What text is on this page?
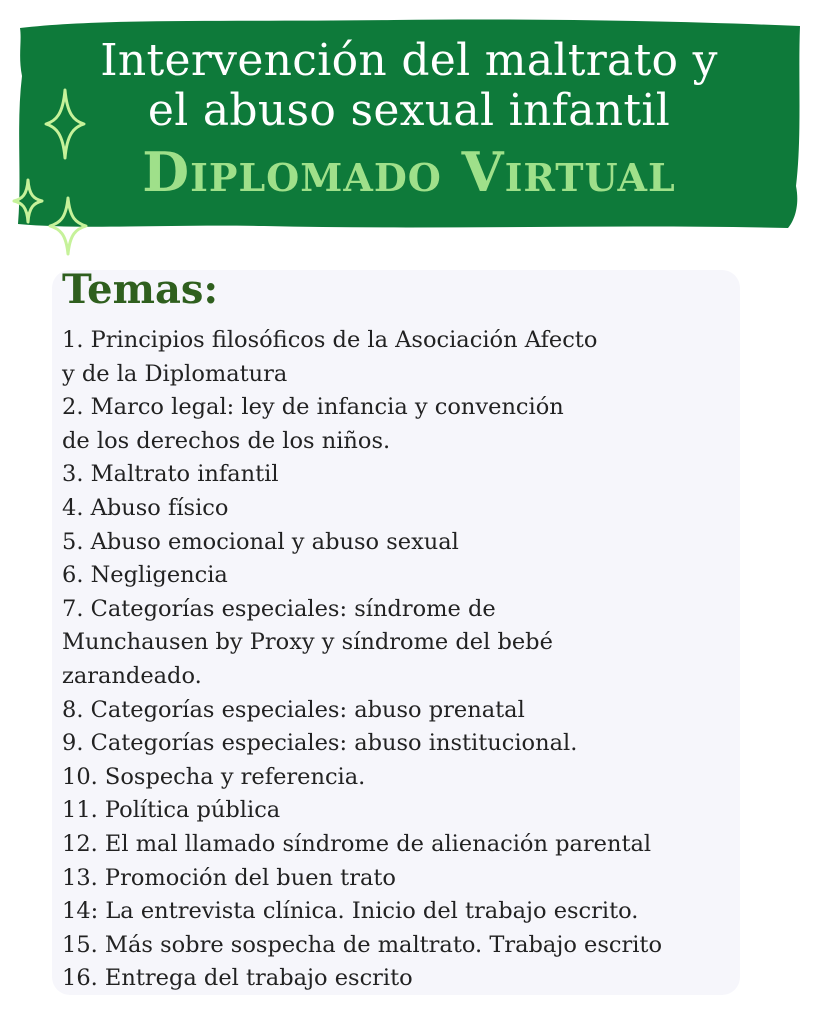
Intervención del maltrato y
el abuso sexual infantil
Diplomado Virtual
Temas:
1. Principios filosóficos de la Asociación Afecto
y de la Diplomatura
2. Marco legal: ley de infancia y convención
de los derechos de los niños.
3. Maltrato infantil
4. Abuso físico
5. Abuso emocional y abuso sexual
6. Negligencia
7. Categorías especiales: síndrome de
Munchausen by Proxy y síndrome del bebé
zarandeado.
8. Categorías especiales: abuso prenatal
9. Categorías especiales: abuso institucional.
10. Sospecha y referencia.
11. Política pública
12. El mal llamado síndrome de alienación parental
13. Promoción del buen trato
14: La entrevista clínica. Inicio del trabajo escrito.
15. Más sobre sospecha de maltrato. Trabajo escrito
16. Entrega del trabajo escrito
